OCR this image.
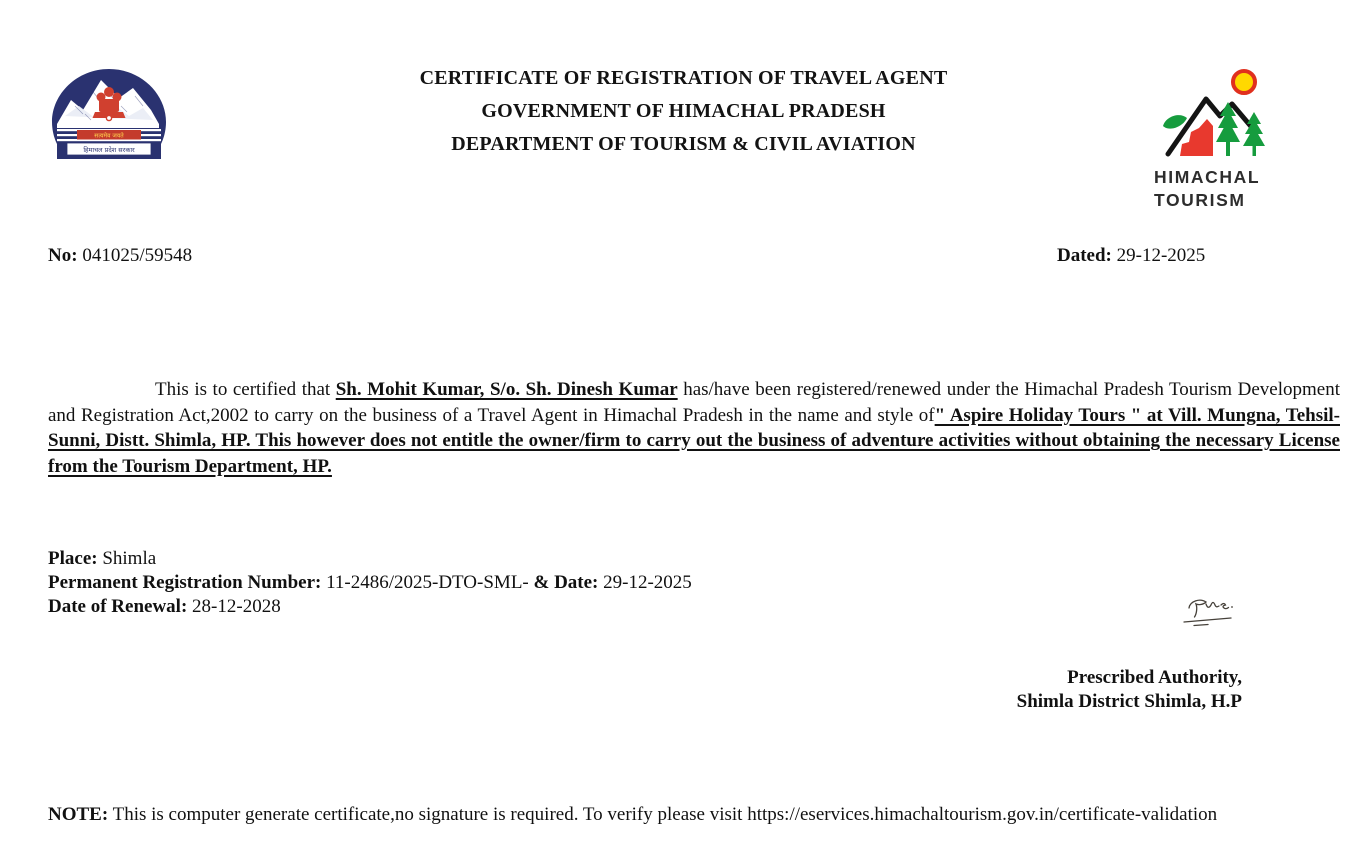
सत्यमेव जयते
हिमाचल प्रदेश सरकार
CERTIFICATE OF REGISTRATION OF TRAVEL AGENT
GOVERNMENT OF HIMACHAL PRADESH
DEPARTMENT OF TOURISM & CIVIL AVIATION
HIMACHAL
TOURISM
No: 041025/59548	Dated: 29-12-2025

This is to certified that Sh. Mohit Kumar, S/o. Sh. Dinesh Kumar has/have been registered/renewed under the Himachal Pradesh Tourism Development and Registration Act,2002 to carry on the business of a Travel Agent in Himachal Pradesh in the name and style of" Aspire Holiday Tours " at Vill. Mungna, Tehsil-Sunni, Distt. Shimla, HP. This however does not entitle the owner/firm to carry out the business of adventure activities without obtaining the necessary License from the Tourism Department, HP.

Place: Shimla
Permanent Registration Number: 11-2486/2025-DTO-SML- & Date: 29-12-2025
Date of Renewal: 28-12-2028
Prescribed Authority,
Shimla District Shimla, H.P
NOTE: This is computer generate certificate,no signature is required. To verify please visit https://eservices.himachaltourism.gov.in/certificate-validation
